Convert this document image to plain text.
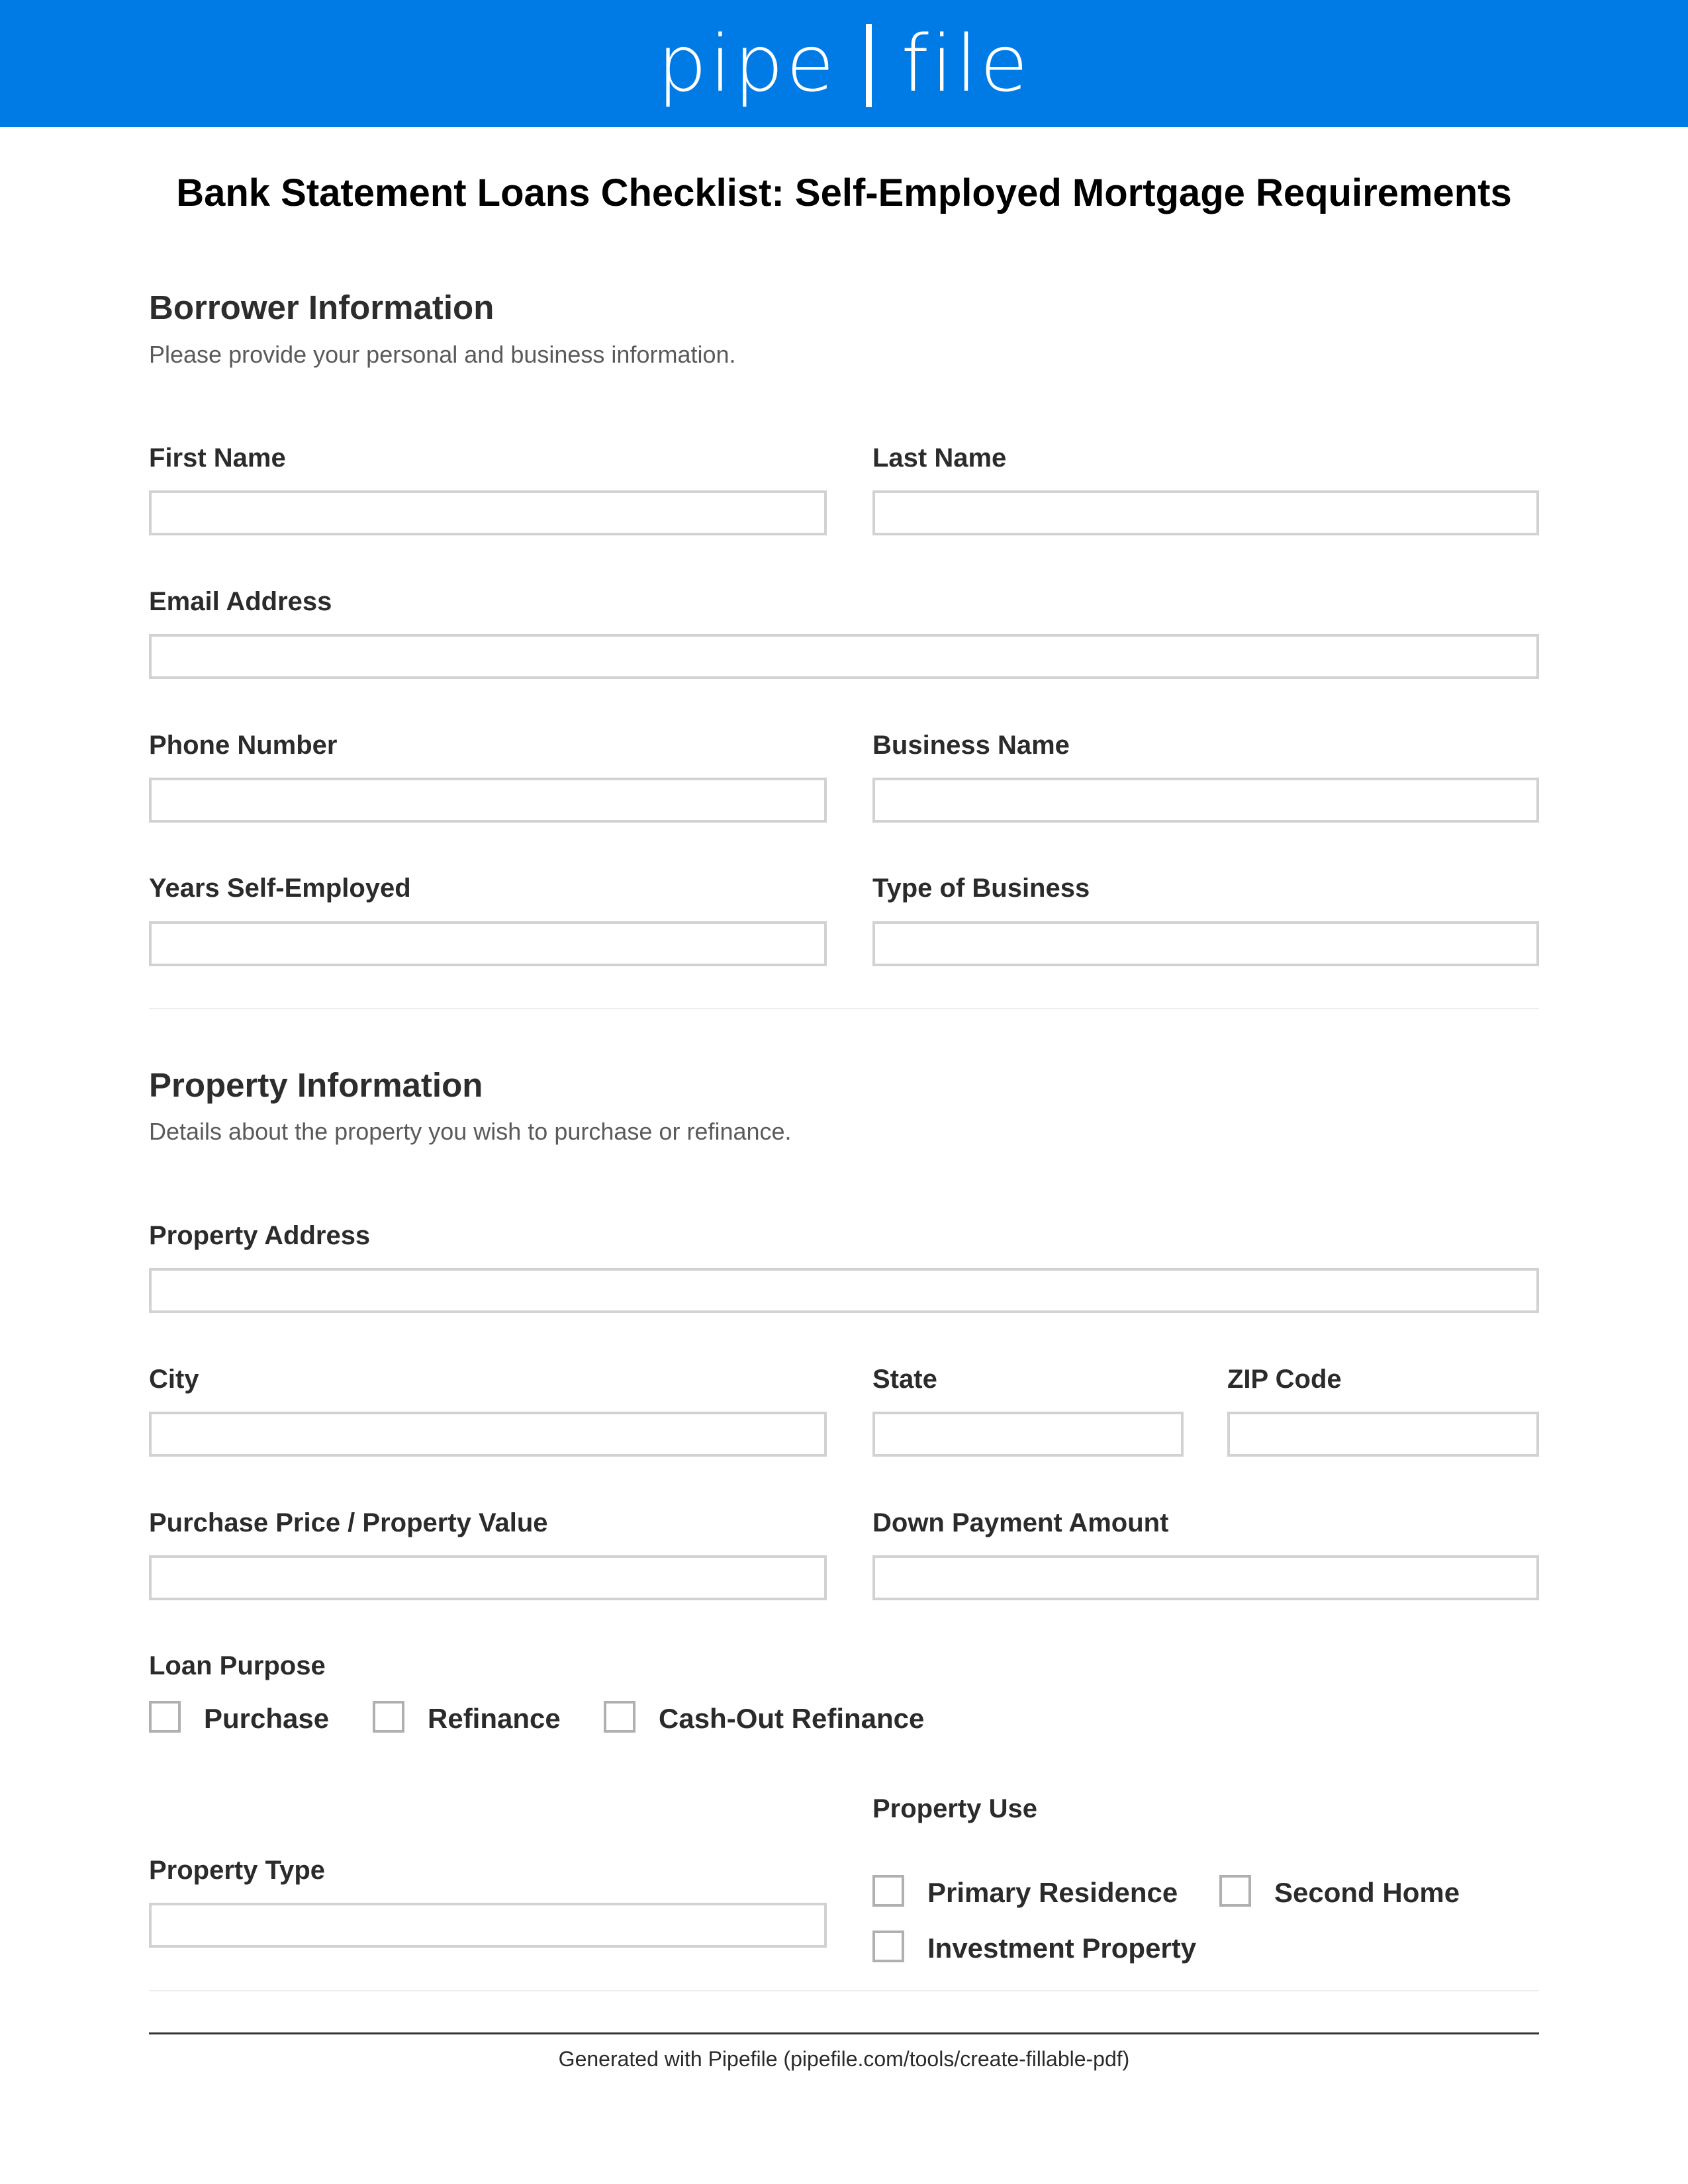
pipe file
Bank Statement Loans Checklist: Self-Employed Mortgage Requirements
Borrower Information
Please provide your personal and business information.
First Name	Last Name
Email Address
Phone Number	Business Name
Years Self-Employed	Type of Business
Property Information
Details about the property you wish to purchase or refinance.
Property Address
City	State	ZIP Code
Purchase Price / Property Value	Down Payment Amount
Loan Purpose
Purchase	Refinance	Cash-Out Refinance
Property Type
Property Use
Primary Residence	Second Home
Investment Property
Generated with Pipefile (pipefile.com/tools/create-fillable-pdf)
